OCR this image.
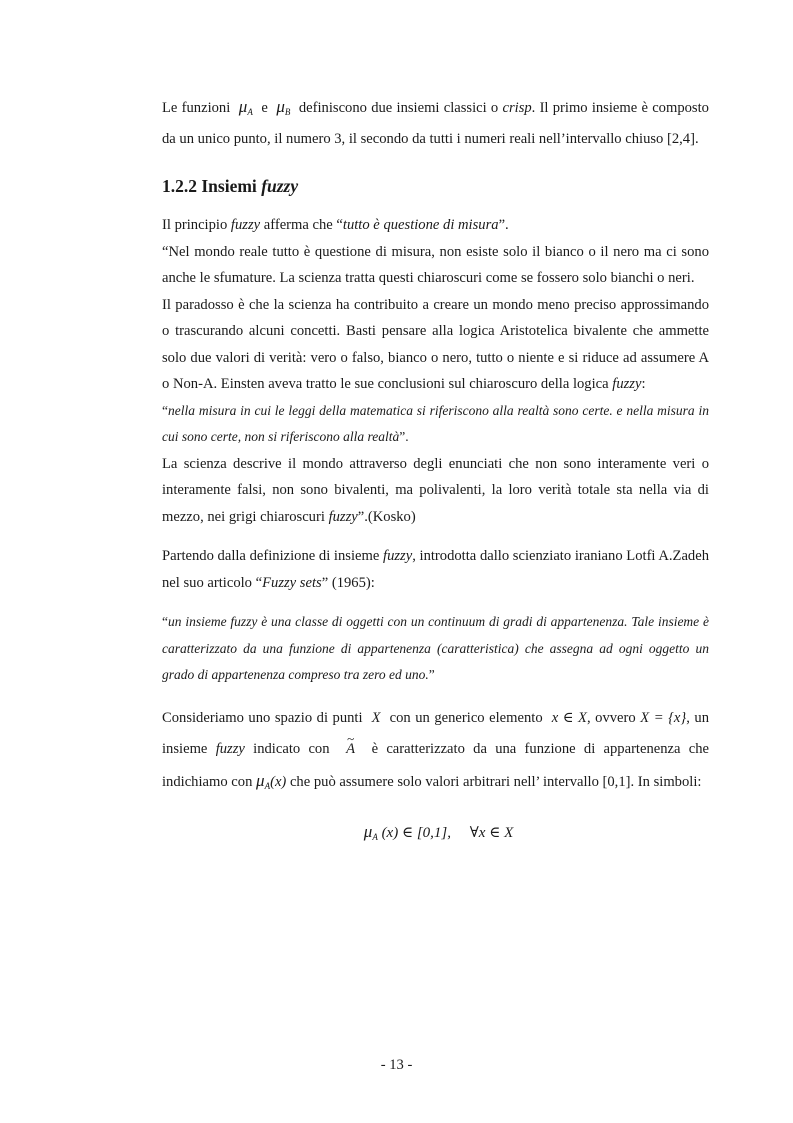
Le funzioni $\mu_A$ e $\mu_B$ definiscono due insiemi classici o crisp. Il primo insieme è composto da un unico punto, il numero 3, il secondo da tutti i numeri reali nell’intervallo chiuso [2,4].

1.2.2 Insiemi fuzzy

Il principio fuzzy afferma che “tutto è questione di misura”.

“Nel mondo reale tutto è questione di misura, non esiste solo il bianco o il nero ma ci sono anche le sfumature. La scienza tratta questi chiaroscuri come se fossero solo bianchi o neri.

Il paradosso è che la scienza ha contribuito a creare un mondo meno preciso approssimando o trascurando alcuni concetti. Basti pensare alla logica Aristotelica bivalente che ammette solo due valori di verità: vero o falso, bianco o nero, tutto o niente e si riduce ad assumere A o Non-A. Einsten aveva tratto le sue conclusioni sul chiaroscuro della logica fuzzy:

“nella misura in cui le leggi della matematica si riferiscono alla realtà sono certe. e nella misura in cui sono certe, non si riferiscono alla realtà”.

La scienza descrive il mondo attraverso degli enunciati che non sono interamente veri o interamente falsi, non sono bivalenti, ma polivalenti, la loro verità totale sta nella via di mezzo, nei grigi chiaroscuri fuzzy”.(Kosko)

Partendo dalla definizione di insieme fuzzy, introdotta dallo scienziato iraniano Lotfi A.Zadeh nel suo articolo “Fuzzy sets” (1965):

“un insieme fuzzy è una classe di oggetti con un continuum di gradi di appartenenza. Tale insieme è caratterizzato da una funzione di appartenenza (caratteristica) che assegna ad ogni oggetto un grado di appartenenza compreso tra zero ed uno.”

Consideriamo uno spazio di punti X con un generico elemento x ∈ X, ovvero X = {x}, un insieme fuzzy indicato con  ~ A è caratterizzato da una funzione di appartenenza che indichiamo con $\mu_A(x)$ che può assumere solo valori arbitrari nell’ intervallo [0,1]. In simboli:

$\mu_A$ (x) ∈ [0,1], ∀x ∈ X
- 13 -
